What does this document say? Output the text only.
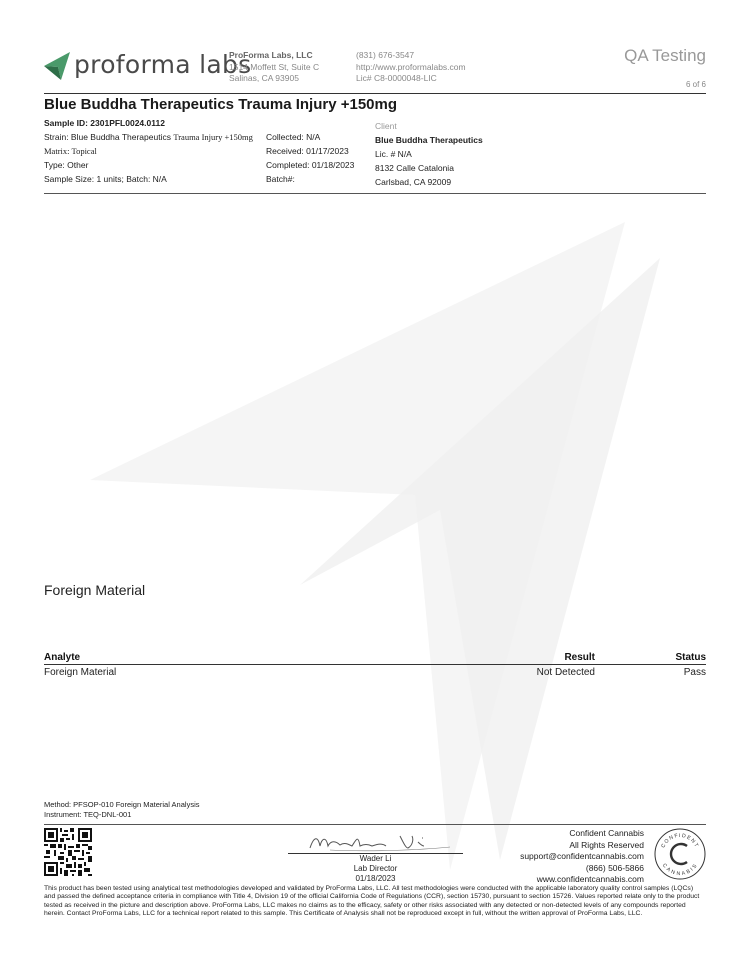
proforma labs
ProForma Labs, LLC
1514 Moffett St, Suite C
Salinas, CA 93905
(831) 676-3547
http://www.proformalabs.com
Lic# C8-0000048-LIC
QA Testing
6 of 6
Blue Buddha Therapeutics Trauma Injury +150mg
Sample ID: 2301PFL0024.0112
Strain: Blue Buddha Therapeutics Trauma Injury +150mg
Matrix: Topical
Type: Other
Sample Size: 1 units; Batch: N/A
Collected: N/A
Received: 01/17/2023
Completed: 01/18/2023
Batch#:
Client
Blue Buddha Therapeutics
Lic. # N/A
8132 Calle Catalonia
Carlsbad, CA 92009
Foreign Material
Analyte	Result	Status
Foreign Material	Not Detected	Pass
Method: PFSOP-010 Foreign Material Analysis
Instrument: TEQ-DNL-001
Wader Li
Lab Director
01/18/2023
Confident Cannabis
All Rights Reserved
support@confidentcannabis.com
(866) 506-5866
www.confidentcannabis.com
CONFIDENT
CANNABIS
This product has been tested using analytical test methodologies developed and validated by ProForma Labs, LLC. All test methodologies were conducted with the applicable laboratory quality control samples (LQCs) and passed the defined acceptance criteria in compliance with Title 4, Division 19 of the official California Code of Regulations (CCR), section 15730, pursuant to section 15726. Values reported relate only to the product tested as received in the picture and description above. ProForma Labs, LLC makes no claims as to the efficacy, safety or other risks associated with any detected or non-detected levels of any compounds reported herein. Contact ProForma Labs, LLC for a technical report related to this sample. This Certificate of Analysis shall not be reproduced except in full, without the written approval of ProForma Labs, LLC.
